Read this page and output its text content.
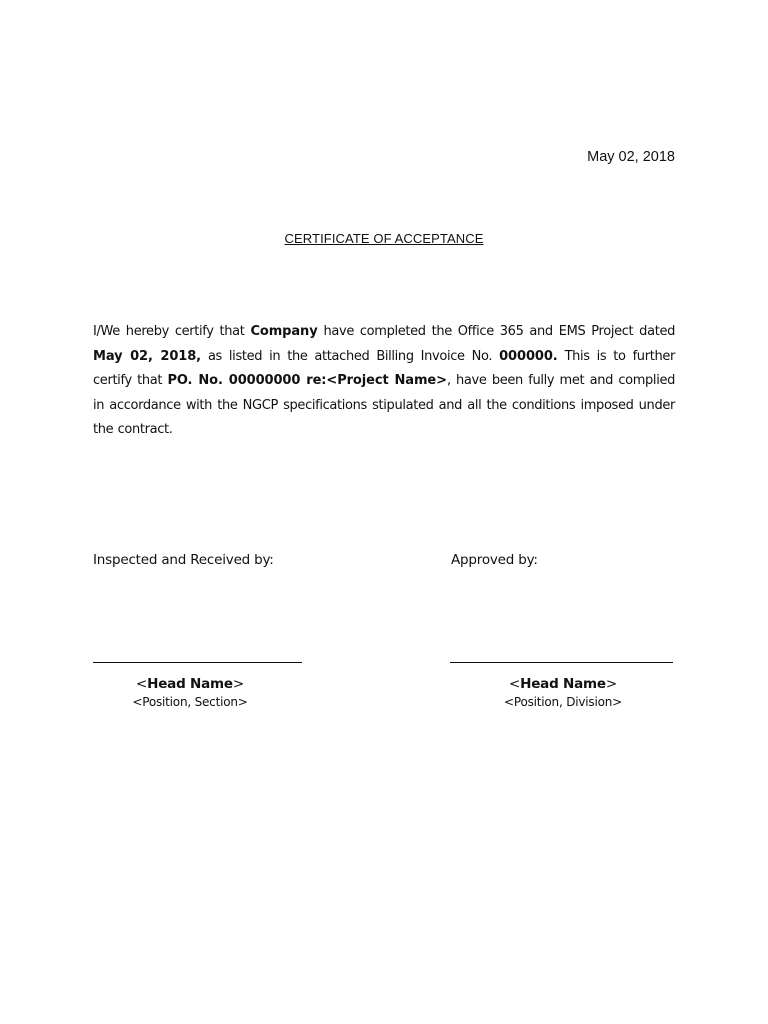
May 02, 2018
CERTIFICATE OF ACCEPTANCE
I/We hereby certify that Company have completed the Office 365 and EMS Project dated May 02, 2018, as listed in the attached Billing Invoice No. 000000. This is to further certify that PO. No. 00000000 re:<Project Name>, have been fully met and complied in accordance with the NGCP specifications stipulated and all the conditions imposed under the contract.
Inspected and Received by:	Approved by:
<Head Name>	<Head Name>
<Position, Section>	<Position, Division>
